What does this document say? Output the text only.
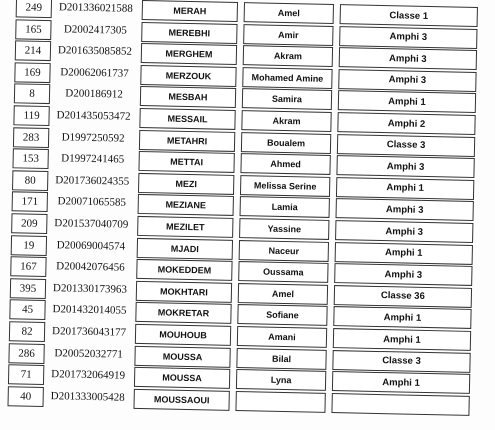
249	D201336021588	MERAH	Amel	Classe 1
165	D2002417305	MEREBHI	Amir	Amphi 3
214	D201635085852	MERGHEM	Akram	Amphi 3
169	D20062061737	MERZOUK	Mohamed Amine	Amphi 3
8	D200186912	MESBAH	Samira	Amphi 1
119	D201435053472	MESSAIL	Akram	Amphi 2
283	D1997250592	METAHRI	Boualem	Classe 3
153	D1997241465	METTAI	Ahmed	Amphi 3
80	D201736024355	MEZI	Melissa Serine	Amphi 1
171	D20071065585	MEZIANE	Lamia	Amphi 3
209	D201537040709	MEZILET	Yassine	Amphi 3
19	D20069004574	MJADI	Naceur	Amphi 1
167	D20042076456	MOKEDDEM	Oussama	Amphi 3
395	D201330173963	MOKHTARI	Amel	Classe 36
45	D201432014055	MOKRETAR	Sofiane	Amphi 1
82	D201736043177	MOUHOUB	Amani	Amphi 1
286	D20052032771	MOUSSA	Bilal	Classe 3
71	D201732064919	MOUSSA	Lyna	Amphi 1
40	D201333005428	MOUSSAOUI
